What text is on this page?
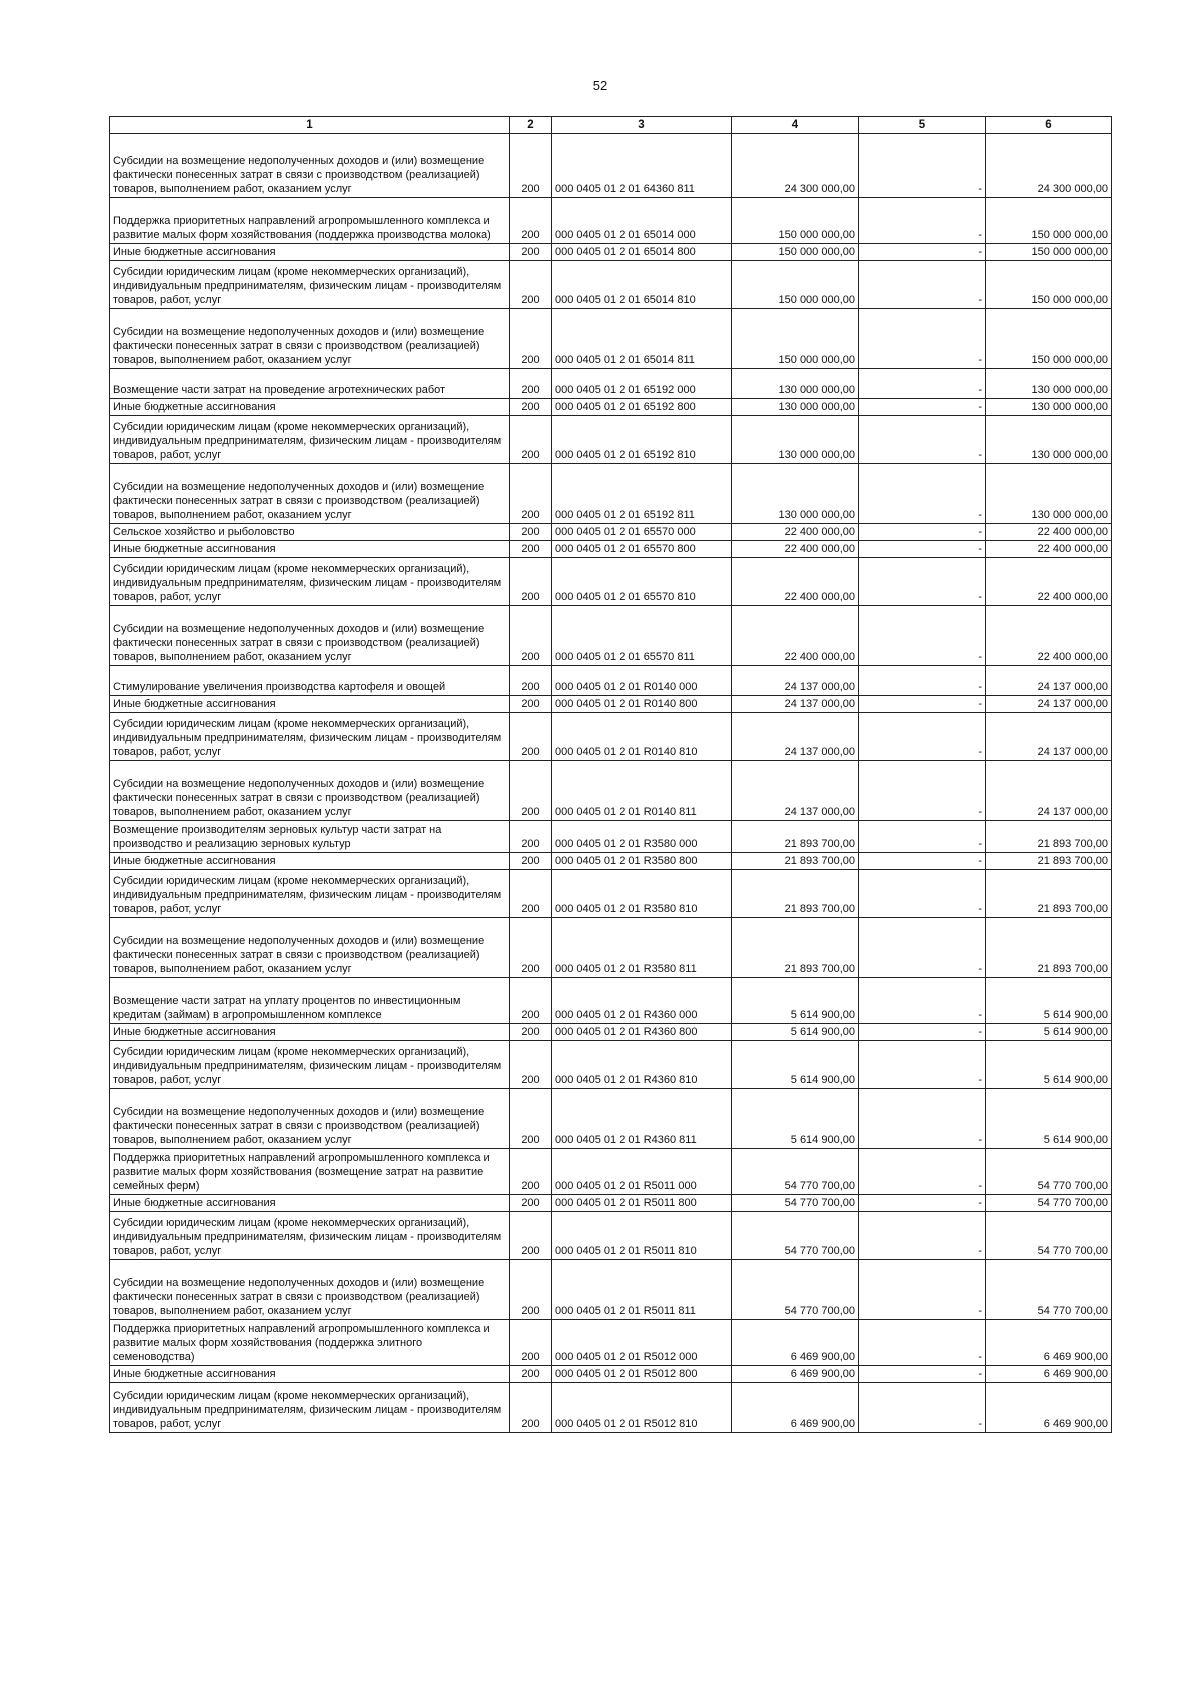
52
1	2	3	4	5	6
Субсидии на возмещение недополученных доходов и (или) возмещение фактически понесенных затрат в связи с производством (реализацией) товаров, выполнением работ, оказанием услуг	200	000 0405 01 2 01 64360 811	24 300 000,00	-	24 300 000,00
Поддержка приоритетных направлений агропромышленного комплекса и развитие малых форм хозяйствования (поддержка производства молока)	200	000 0405 01 2 01 65014 000	150 000 000,00	-	150 000 000,00
Иные бюджетные ассигнования	200	000 0405 01 2 01 65014 800	150 000 000,00	-	150 000 000,00
Субсидии юридическим лицам (кроме некоммерческих организаций), индивидуальным предпринимателям, физическим лицам - производителям товаров, работ, услуг	200	000 0405 01 2 01 65014 810	150 000 000,00	-	150 000 000,00
Субсидии на возмещение недополученных доходов и (или) возмещение фактически понесенных затрат в связи с производством (реализацией) товаров, выполнением работ, оказанием услуг	200	000 0405 01 2 01 65014 811	150 000 000,00	-	150 000 000,00
Возмещение части затрат на проведение агротехнических работ	200	000 0405 01 2 01 65192 000	130 000 000,00	-	130 000 000,00
Иные бюджетные ассигнования	200	000 0405 01 2 01 65192 800	130 000 000,00	-	130 000 000,00
Субсидии юридическим лицам (кроме некоммерческих организаций), индивидуальным предпринимателям, физическим лицам - производителям товаров, работ, услуг	200	000 0405 01 2 01 65192 810	130 000 000,00	-	130 000 000,00
Субсидии на возмещение недополученных доходов и (или) возмещение фактически понесенных затрат в связи с производством (реализацией) товаров, выполнением работ, оказанием услуг	200	000 0405 01 2 01 65192 811	130 000 000,00	-	130 000 000,00
Сельское хозяйство и рыболовство	200	000 0405 01 2 01 65570 000	22 400 000,00	-	22 400 000,00
Иные бюджетные ассигнования	200	000 0405 01 2 01 65570 800	22 400 000,00	-	22 400 000,00
Субсидии юридическим лицам (кроме некоммерческих организаций), индивидуальным предпринимателям, физическим лицам - производителям товаров, работ, услуг	200	000 0405 01 2 01 65570 810	22 400 000,00	-	22 400 000,00
Субсидии на возмещение недополученных доходов и (или) возмещение фактически понесенных затрат в связи с производством (реализацией) товаров, выполнением работ, оказанием услуг	200	000 0405 01 2 01 65570 811	22 400 000,00	-	22 400 000,00
Стимулирование увеличения производства картофеля и овощей	200	000 0405 01 2 01 R0140 000	24 137 000,00	-	24 137 000,00
Иные бюджетные ассигнования	200	000 0405 01 2 01 R0140 800	24 137 000,00	-	24 137 000,00
Субсидии юридическим лицам (кроме некоммерческих организаций), индивидуальным предпринимателям, физическим лицам - производителям товаров, работ, услуг	200	000 0405 01 2 01 R0140 810	24 137 000,00	-	24 137 000,00
Субсидии на возмещение недополученных доходов и (или) возмещение фактически понесенных затрат в связи с производством (реализацией) товаров, выполнением работ, оказанием услуг	200	000 0405 01 2 01 R0140 811	24 137 000,00	-	24 137 000,00
Возмещение производителям зерновых культур части затрат на производство и реализацию зерновых культур	200	000 0405 01 2 01 R3580 000	21 893 700,00	-	21 893 700,00
Иные бюджетные ассигнования	200	000 0405 01 2 01 R3580 800	21 893 700,00	-	21 893 700,00
Субсидии юридическим лицам (кроме некоммерческих организаций), индивидуальным предпринимателям, физическим лицам - производителям товаров, работ, услуг	200	000 0405 01 2 01 R3580 810	21 893 700,00	-	21 893 700,00
Субсидии на возмещение недополученных доходов и (или) возмещение фактически понесенных затрат в связи с производством (реализацией) товаров, выполнением работ, оказанием услуг	200	000 0405 01 2 01 R3580 811	21 893 700,00	-	21 893 700,00
Возмещение части затрат на уплату процентов по инвестиционным кредитам (займам) в агропромышленном комплексе	200	000 0405 01 2 01 R4360 000	5 614 900,00	-	5 614 900,00
Иные бюджетные ассигнования	200	000 0405 01 2 01 R4360 800	5 614 900,00	-	5 614 900,00
Субсидии юридическим лицам (кроме некоммерческих организаций), индивидуальным предпринимателям, физическим лицам - производителям товаров, работ, услуг	200	000 0405 01 2 01 R4360 810	5 614 900,00	-	5 614 900,00
Субсидии на возмещение недополученных доходов и (или) возмещение фактически понесенных затрат в связи с производством (реализацией) товаров, выполнением работ, оказанием услуг	200	000 0405 01 2 01 R4360 811	5 614 900,00	-	5 614 900,00
Поддержка приоритетных направлений агропромышленного комплекса и развитие малых форм хозяйствования (возмещение затрат на развитие семейных ферм)	200	000 0405 01 2 01 R5011 000	54 770 700,00	-	54 770 700,00
Иные бюджетные ассигнования	200	000 0405 01 2 01 R5011 800	54 770 700,00	-	54 770 700,00
Субсидии юридическим лицам (кроме некоммерческих организаций), индивидуальным предпринимателям, физическим лицам - производителям товаров, работ, услуг	200	000 0405 01 2 01 R5011 810	54 770 700,00	-	54 770 700,00
Субсидии на возмещение недополученных доходов и (или) возмещение фактически понесенных затрат в связи с производством (реализацией) товаров, выполнением работ, оказанием услуг	200	000 0405 01 2 01 R5011 811	54 770 700,00	-	54 770 700,00
Поддержка приоритетных направлений агропромышленного комплекса и развитие малых форм хозяйствования (поддержка элитного семеноводства)	200	000 0405 01 2 01 R5012 000	6 469 900,00	-	6 469 900,00
Иные бюджетные ассигнования	200	000 0405 01 2 01 R5012 800	6 469 900,00	-	6 469 900,00
Субсидии юридическим лицам (кроме некоммерческих организаций), индивидуальным предпринимателям, физическим лицам - производителям товаров, работ, услуг	200	000 0405 01 2 01 R5012 810	6 469 900,00	-	6 469 900,00
